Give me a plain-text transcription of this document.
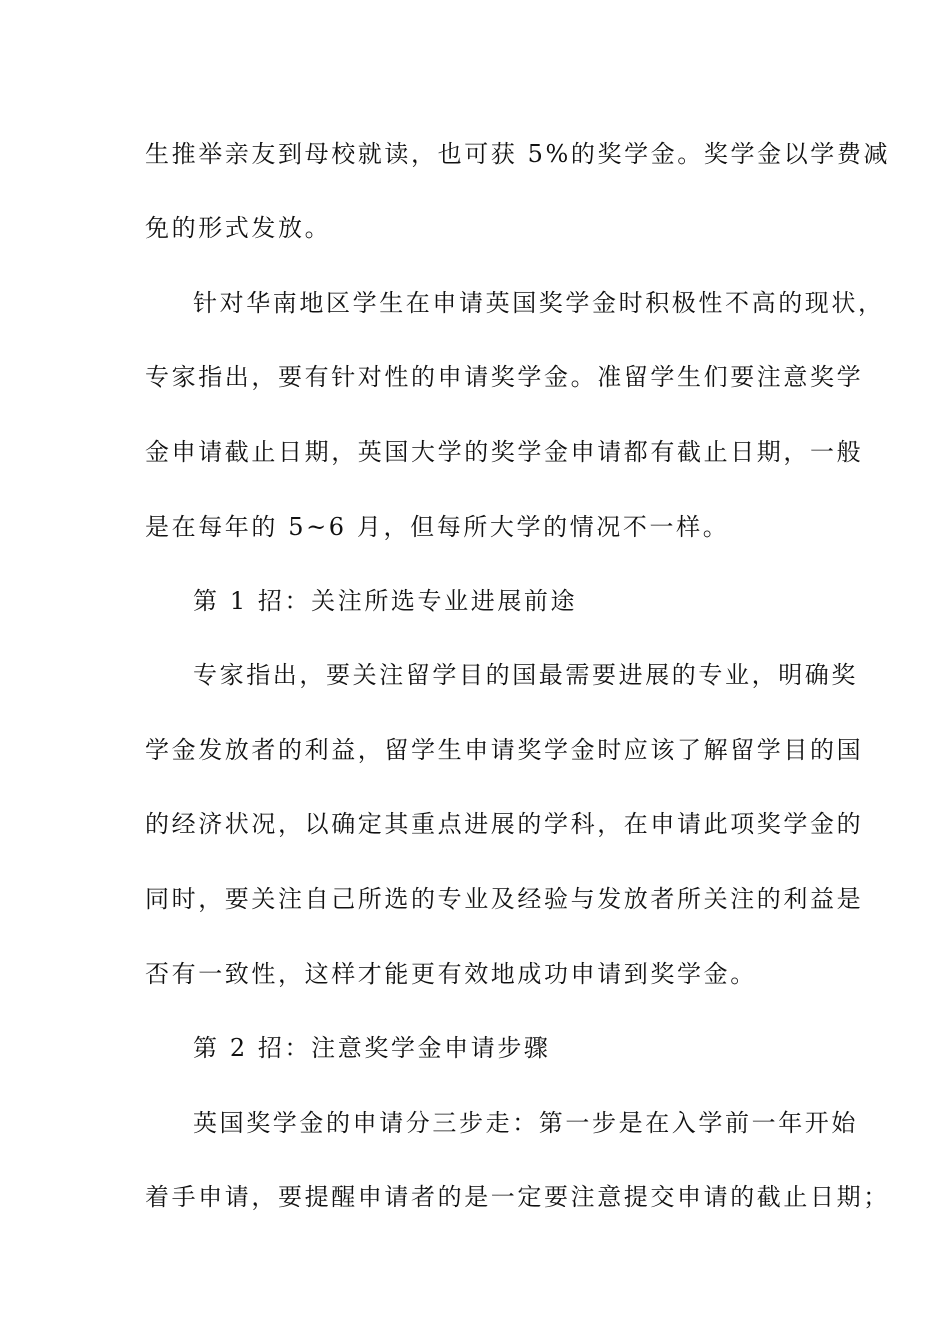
生推举亲友到母校就读，也可获 5%的奖学金。奖学金以学费减
免的形式发放。
针对华南地区学生在申请英国奖学金时积极性不高的现状，
专家指出，要有针对性的申请奖学金。准留学生们要注意奖学
金申请截止日期，英国大学的奖学金申请都有截止日期，一般
是在每年的 5~6 月，但每所大学的情况不一样。
第 1 招：关注所选专业进展前途
专家指出，要关注留学目的国最需要进展的专业，明确奖
学金发放者的利益，留学生申请奖学金时应该了解留学目的国
的经济状况，以确定其重点进展的学科，在申请此项奖学金的
同时，要关注自己所选的专业及经验与发放者所关注的利益是
否有一致性，这样才能更有效地成功申请到奖学金。
第 2 招：注意奖学金申请步骤
英国奖学金的申请分三步走：第一步是在入学前一年开始
着手申请，要提醒申请者的是一定要注意提交申请的截止日期；
